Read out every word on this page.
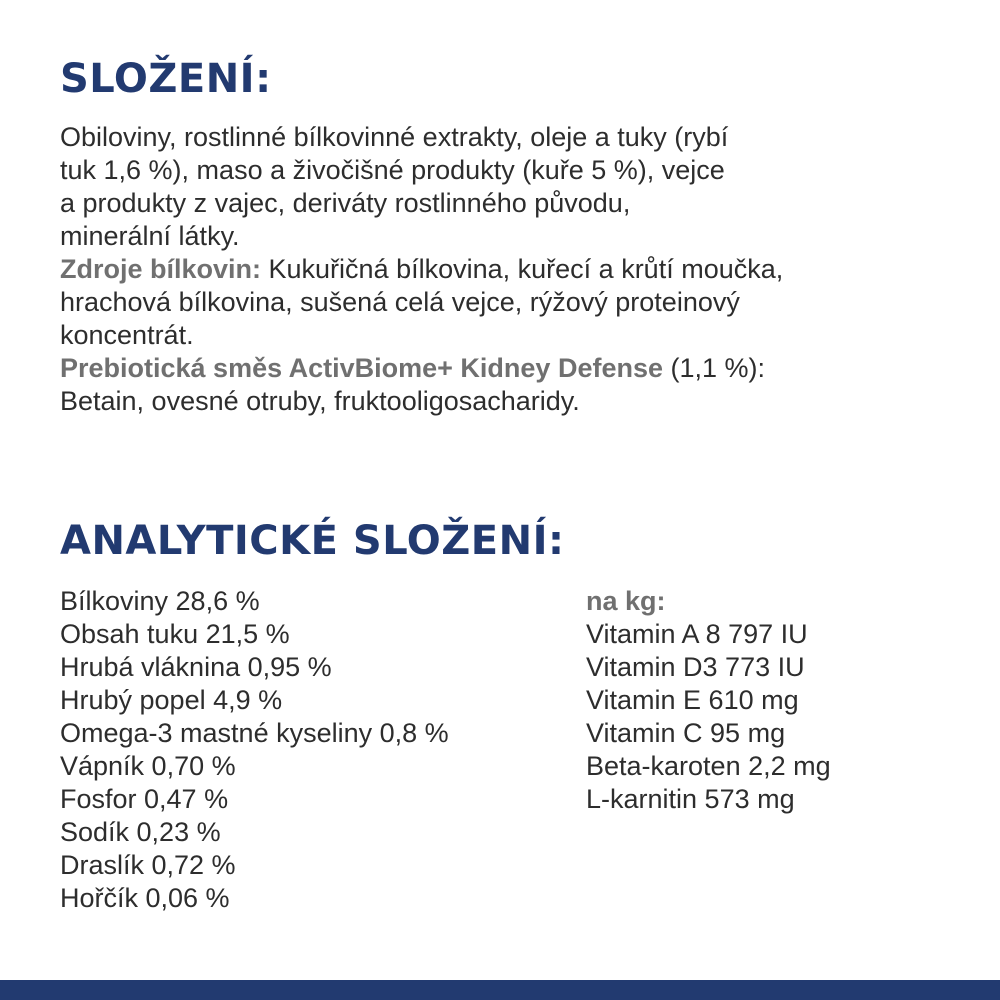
SLOŽENÍ:
Obiloviny, rostlinné bílkovinné extrakty, oleje a tuky (rybí
tuk 1,6 %), maso a živočišné produkty (kuře 5 %), vejce
a produkty z vajec, deriváty rostlinného původu,
minerální látky.
Zdroje bílkovin: Kukuřičná bílkovina, kuřecí a krůtí moučka,
hrachová bílkovina, sušená celá vejce, rýžový proteinový
koncentrát.
Prebiotická směs ActivBiome+ Kidney Defense (1,1 %):
Betain, ovesné otruby, fruktooligosacharidy.
ANALYTICKÉ SLOŽENÍ:
Bílkoviny 28,6 %
Obsah tuku 21,5 %
Hrubá vláknina 0,95 %
Hrubý popel 4,9 %
Omega-3 mastné kyseliny 0,8 %
Vápník 0,70 %
Fosfor 0,47 %
Sodík 0,23 %
Draslík 0,72 %
Hořčík 0,06 %
na kg:
Vitamin A 8 797 IU
Vitamin D3 773 IU
Vitamin E 610 mg
Vitamin C 95 mg
Beta-karoten 2,2 mg
L-karnitin 573 mg
